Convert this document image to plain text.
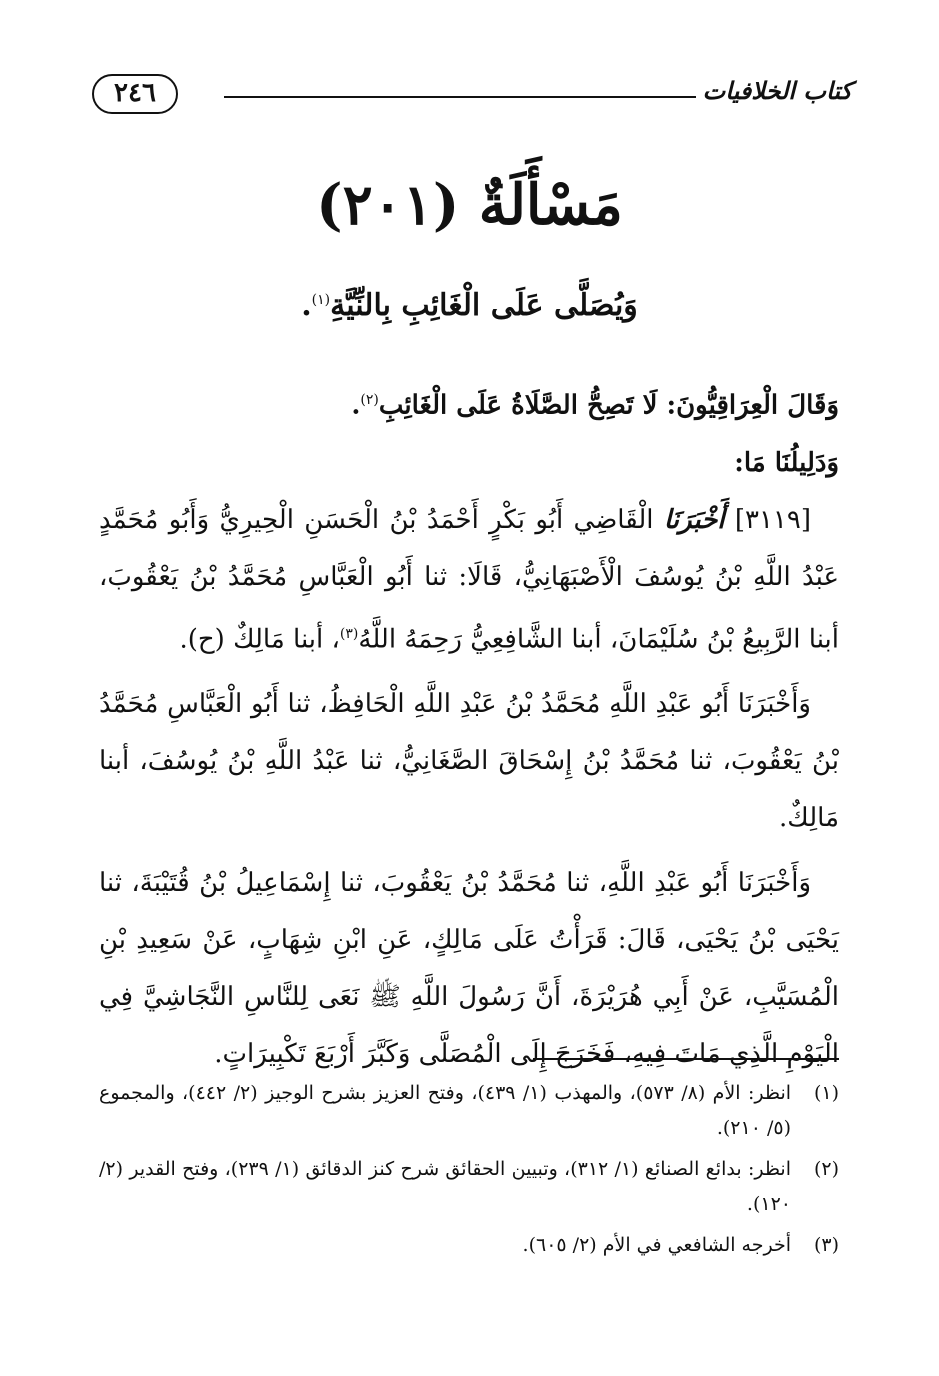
كتاب الخلافيات
٢٤٦
مَسْأَلَةٌ (٢٠١)
وَيُصَلَّى عَلَى الْغَائِبِ بِالنِّيَّةِ$^{(١)}$.

وَقَالَ الْعِرَاقِيُّونَ: لَا تَصِحُّ الصَّلَاةُ عَلَى الْغَائِبِ$^{(٢)}$.

وَدَلِيلُنَا مَا:

[٣١١٩] أَخْبَرَنَا الْقَاضِي أَبُو بَكْرٍ أَحْمَدُ بْنُ الْحَسَنِ الْحِيرِيُّ وَأَبُو مُحَمَّدٍ عَبْدُ اللَّهِ بْنُ يُوسُفَ الْأَصْبَهَانِيُّ، قَالَا: ثنا أَبُو الْعَبَّاسِ مُحَمَّدُ بْنُ يَعْقُوبَ، أبنا الرَّبِيعُ بْنُ سُلَيْمَانَ، أبنا الشَّافِعِيُّ رَحِمَهُ اللَّهُ$^{(٣)}$، أبنا مَالِكٌ (ح).

وَأَخْبَرَنَا أَبُو عَبْدِ اللَّهِ مُحَمَّدُ بْنُ عَبْدِ اللَّهِ الْحَافِظُ، ثنا أَبُو الْعَبَّاسِ مُحَمَّدُ بْنُ يَعْقُوبَ، ثنا مُحَمَّدُ بْنُ إِسْحَاقَ الصَّغَانِيُّ، ثنا عَبْدُ اللَّهِ بْنُ يُوسُفَ، أبنا مَالِكٌ.

وَأَخْبَرَنَا أَبُو عَبْدِ اللَّهِ، ثنا مُحَمَّدُ بْنُ يَعْقُوبَ، ثنا إِسْمَاعِيلُ بْنُ قُتَيْبَةَ، ثنا يَحْيَى بْنُ يَحْيَى، قَالَ: قَرَأْتُ عَلَى مَالِكٍ، عَنِ ابْنِ شِهَابٍ، عَنْ سَعِيدِ بْنِ الْمُسَيَّبِ، عَنْ أَبِي هُرَيْرَةَ، أَنَّ رَسُولَ اللَّهِ ﷺ نَعَى لِلنَّاسِ النَّجَاشِيَّ فِي الْيَوْمِ الَّذِي مَاتَ فِيهِ، فَخَرَجَ إِلَى الْمُصَلَّى وَكَبَّرَ أَرْبَعَ تَكْبِيرَاتٍ.

(١)
انظر: الأم (٨/ ٥٧٣)، والمهذب (١/ ٤٣٩)، وفتح العزيز بشرح الوجيز (٢/ ٤٤٢)، والمجموع (٥/ ٢١٠).
(٢)
انظر: بدائع الصنائع (١/ ٣١٢)، وتبيين الحقائق شرح كنز الدقائق (١/ ٢٣٩)، وفتح القدير (٢/ ١٢٠).
(٣)
أخرجه الشافعي في الأم (٢/ ٦٠٥).
